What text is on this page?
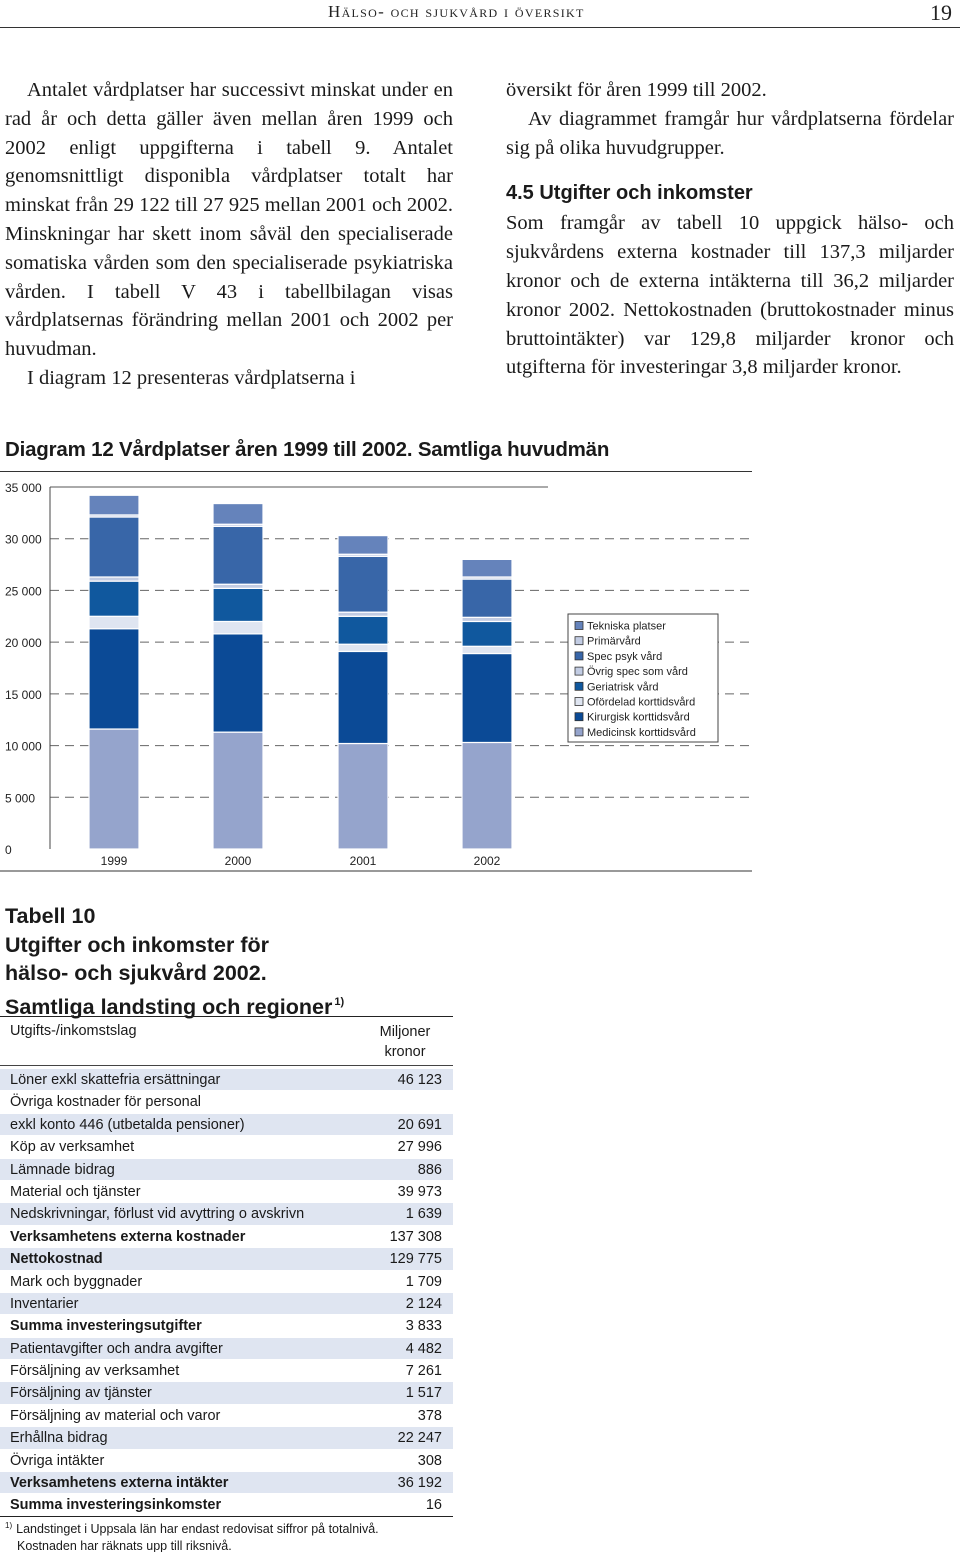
Hälso- och sjukvård i översikt	19

Antalet vårdplatser har successivt minskat under en rad år och detta gäller även mellan åren 1999 och 2002 enligt uppgifterna i tabell 9. Antalet genomsnittligt disponibla vårdplatser totalt har minskat från 29 122 till 27 925 mellan 2001 och 2002. Minskningar har skett inom såväl den specialiserade somatiska vården som den specialiserade psykiatriska vården. I tabell V 43 i tabellbilagan visas vårdplatsernas förändring mellan 2001 och 2002 per huvudman.

I diagram 12 presenteras vårdplatserna i

översikt för åren 1999 till 2002.

Av diagrammet framgår hur vårdplatserna fördelar sig på olika huvudgrupper.

4.5 Utgifter och inkomster

Som framgår av tabell 10 uppgick hälso- och sjukvårdens externa kostnader till 137,3 miljarder kronor och de externa intäkterna till 36,2 miljarder kronor 2002. Nettokostnaden (bruttokostnader minus bruttointäkter) var 129,8 miljarder kronor och utgifterna för investeringar 3,8 miljarder kronor.

Diagram 12 Vårdplatser åren 1999 till 2002. Samtliga huvudmän
0
5 000
10 000
15 000
20 000
25 000
30 000
35 000
1999	2000	2001	2002
Tekniska platser
Primärvård
Spec psyk vård
Övrig spec som vård
Geriatrisk vård
Ofördelad korttidsvård
Kirurgisk korttidsvård
Medicinsk korttidsvård
Tabell 10
Utgifter och inkomster för
hälso- och sjukvård 2002.
Samtliga landsting och regioner $^{1)}$
Utgifts-/inkomstslag	Miljoner
kronor
Löner exkl skattefria ersättningar	46 123
Övriga kostnader för personal
exkl konto 446 (utbetalda pensioner)	20 691
Köp av verksamhet	27 996
Lämnade bidrag	886
Material och tjänster	39 973
Nedskrivningar, förlust vid avyttring o avskrivn	1 639
Verksamhetens externa kostnader	137 308
Nettokostnad	129 775
Mark och byggnader	1 709
Inventarier	2 124
Summa investeringsutgifter	3 833
Patientavgifter och andra avgifter	4 482
Försäljning av verksamhet	7 261
Försäljning av tjänster	1 517
Försäljning av material och varor	378
Erhållna bidrag	22 247
Övriga intäkter	308
Verksamhetens externa intäkter	36 192
Summa investeringsinkomster	16
$^{1)}$ Landstinget i Uppsala län har endast redovisat siffror på totalnivå.
Kostnaden har räknats upp till riksnivå.
